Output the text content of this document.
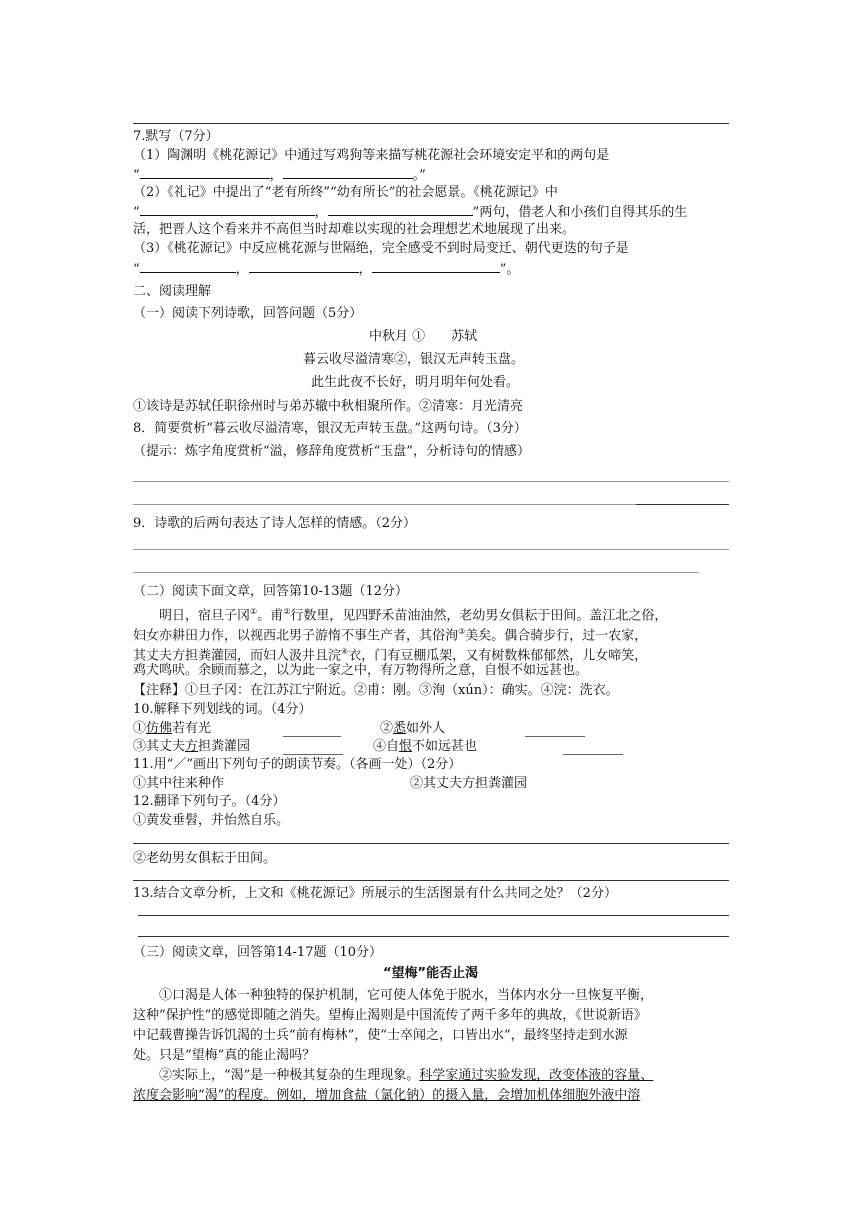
7.默写（7分）
（1）陶渊明《桃花源记》中通过写鸡狗等来描写桃花源社会环境安定平和的两句是
“	，	。”
（2）《礼记》中提出了“老有所终”“幼有所长”的社会愿景。《桃花源记》中
“	，	”两句，借老人和小孩们自得其乐的生
活，把晋人这个看来并不高但当时却难以实现的社会理想艺术地展现了出来。
（3）《桃花源记》中反应桃花源与世隔绝，完全感受不到时局变迁、朝代更迭的句子是
“	，	，	”。
二、阅读理解
（一）阅读下列诗歌，回答问题（5分）
中秋月 ①　　苏轼
暮云收尽溢清寒②，银汉无声转玉盘。
此生此夜不长好，明月明年何处看。
①该诗是苏轼任职徐州时与弟苏辙中秋相聚所作。②清寒：月光清亮
8．简要赏析“暮云收尽溢清寒，银汉无声转玉盘。”这两句诗。（3分）
（提示：炼字角度赏析“溢，修辞角度赏析“玉盘”，分析诗句的情感）
9．诗歌的后两句表达了诗人怎样的情感。（2分）
（二）阅读下面文章，回答第10-13题（12分）
明日，宿旦子冈①。甫②行数里，见四野禾苗油油然，老幼男女俱耘于田间。盖江北之俗，
妇女亦耕田力作，以视西北男子游惰不事生产者，其俗洵③美矣。偶合骑步行，过一农家，
其丈夫方担粪灌园，而妇人汲井且浣④衣，门有豆棚瓜架，又有树数株郁郁然，儿女啼笑，
鸡犬鸣吠。余顾而慕之，以为此一家之中，有万物得所之意，自恨不如远甚也。
【注释】①旦子冈：在江苏江宁附近。②甫：刚。③洵（xún）：确实。④浣：洗衣。
10.解释下列划线的词。（4分）
①仿佛若有光	②悉如外人
③其丈夫方担粪灌园	④自恨不如远甚也
11.用“／”画出下列句子的朗读节奏。（各画一处）（2分）
①其中往来种作	②其丈夫方担粪灌园
12.翻译下列句子。（4分）
①黄发垂髫，并怡然自乐。
②老幼男女俱耘于田间。
13.结合文章分析，上文和《桃花源记》所展示的生活图景有什么共同之处？（2分）
（三）阅读文章，回答第14-17题（10分）
“望梅”能否止渴
①口渴是人体一种独特的保护机制，它可使人体免于脱水，当体内水分一旦恢复平衡，
这种“保护性”的感觉即随之消失。望梅止渴则是中国流传了两千多年的典故，《世说新语》
中记载曹操告诉饥渴的士兵“前有梅林”，使“士卒闻之，口皆出水”，最终坚持走到水源
处。只是“望梅”真的能止渴吗？
②实际上，“渴”是一种极其复杂的生理现象。科学家通过实验发现，改变体液的容量、
浓度会影响“渴”的程度。例如，增加食盐（氯化钠）的摄入量，会增加机体细胞外液中溶
